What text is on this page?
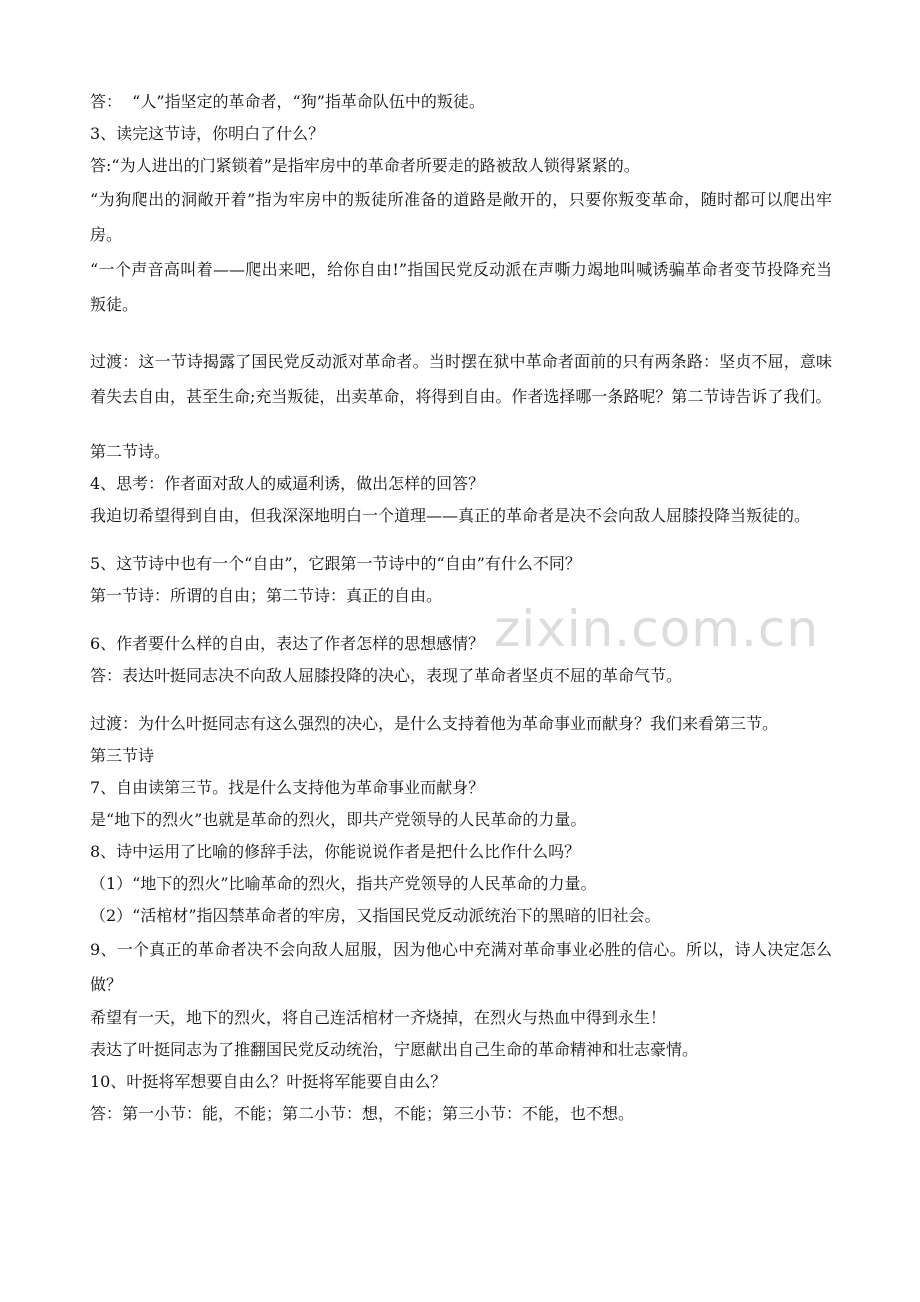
答：  “人”指坚定的革命者，“狗”指革命队伍中的叛徒。

3、读完这节诗，你明白了什么？

答:“为人进出的门紧锁着”是指牢房中的革命者所要走的路被敌人锁得紧紧的。

“为狗爬出的洞敞开着”指为牢房中的叛徒所准备的道路是敞开的，只要你叛变革命，随时都可以爬出牢房。

“一个声音高叫着——爬出来吧，给你自由!”指国民党反动派在声嘶力竭地叫喊诱骗革命者变节投降充当叛徒。

过渡：这一节诗揭露了国民党反动派对革命者。当时摆在狱中革命者面前的只有两条路：坚贞不屈，意味着失去自由，甚至生命;充当叛徒，出卖革命，将得到自由。作者选择哪一条路呢？第二节诗告诉了我们。

第二节诗。

4、思考：作者面对敌人的威逼利诱，做出怎样的回答？

我迫切希望得到自由，但我深深地明白一个道理——真正的革命者是决不会向敌人屈膝投降当叛徒的。

5、这节诗中也有一个“自由”，它跟第一节诗中的“自由”有什么不同？

第一节诗：所谓的自由；第二节诗：真正的自由。

6、作者要什么样的自由，表达了作者怎样的思想感情？

答：表达叶挺同志决不向敌人屈膝投降的决心，表现了革命者坚贞不屈的革命气节。

过渡：为什么叶挺同志有这么强烈的决心，是什么支持着他为革命事业而献身？我们来看第三节。

第三节诗

7、自由读第三节。找是什么支持他为革命事业而献身？

是“地下的烈火”也就是革命的烈火，即共产党领导的人民革命的力量。

8、诗中运用了比喻的修辞手法，你能说说作者是把什么比作什么吗？

（1）“地下的烈火”比喻革命的烈火，指共产党领导的人民革命的力量。

（2）“活棺材”指囚禁革命者的牢房，又指国民党反动派统治下的黑暗的旧社会。

9、一个真正的革命者决不会向敌人屈服，因为他心中充满对革命事业必胜的信心。所以，诗人决定怎么做？

希望有一天，地下的烈火，将自己连活棺材一齐烧掉，在烈火与热血中得到永生！

表达了叶挺同志为了推翻国民党反动统治，宁愿献出自己生命的革命精神和壮志豪情。

10、叶挺将军想要自由么？叶挺将军能要自由么？

答：第一小节：能，不能；第二小节：想，不能；第三小节：不能，也不想。

zixin.com.cn
